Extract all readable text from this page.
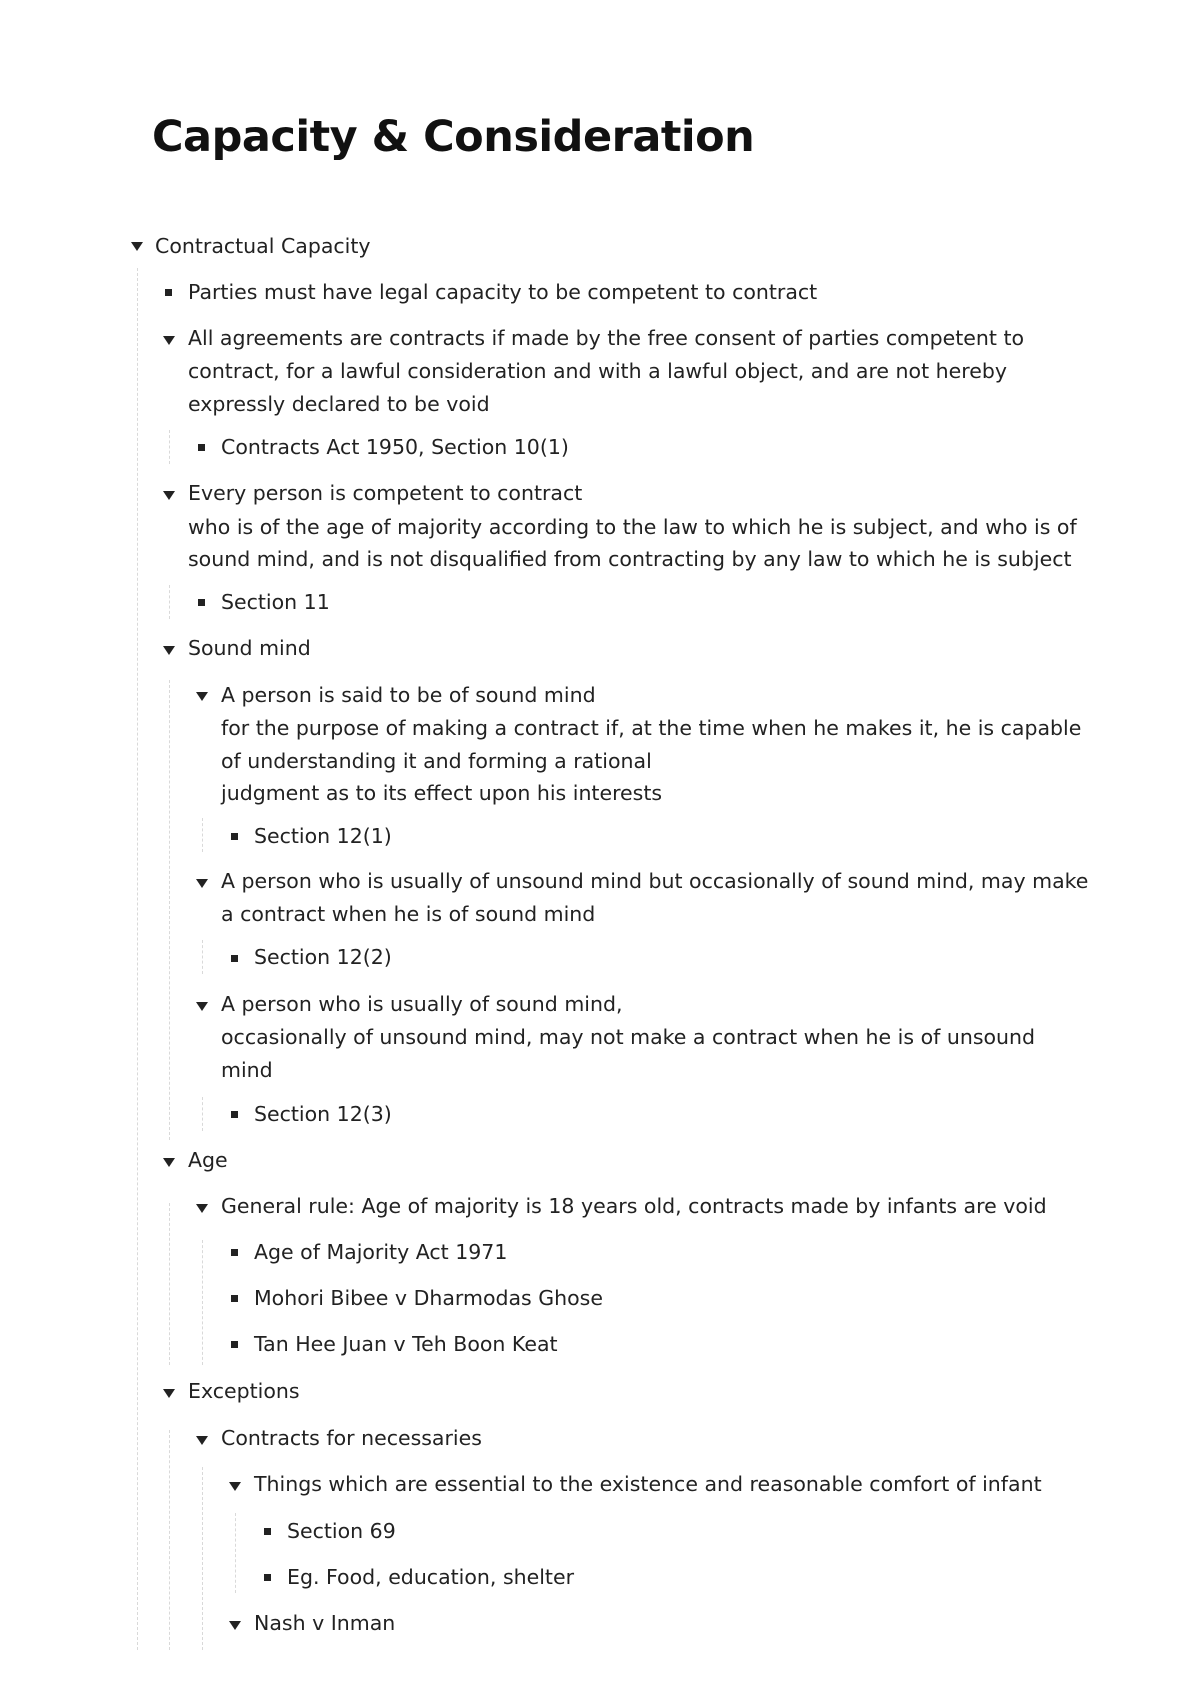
Capacity & Consideration
Contractual Capacity
Parties must have legal capacity to be competent to contract
All agreements are contracts if made by the free consent of parties competent to
contract, for a lawful consideration and with a lawful object, and are not hereby
expressly declared to be void
Contracts Act 1950, Section 10(1)
Every person is competent to contract
who is of the age of majority according to the law to which he is subject, and who is of
sound mind, and is not disqualified from contracting by any law to which he is subject
Section 11
Sound mind
A person is said to be of sound mind
for the purpose of making a contract if, at the time when he makes it, he is capable
of understanding it and forming a rational
judgment as to its effect upon his interests
Section 12(1)
A person who is usually of unsound mind but occasionally of sound mind, may make
a contract when he is of sound mind
Section 12(2)
A person who is usually of sound mind,
occasionally of unsound mind, may not make a contract when he is of unsound
mind
Section 12(3)
Age
General rule: Age of majority is 18 years old, contracts made by infants are void
Age of Majority Act 1971
Mohori Bibee v Dharmodas Ghose
Tan Hee Juan v Teh Boon Keat
Exceptions
Contracts for necessaries
Things which are essential to the existence and reasonable comfort of infant
Section 69
Eg. Food, education, shelter
Nash v Inman
